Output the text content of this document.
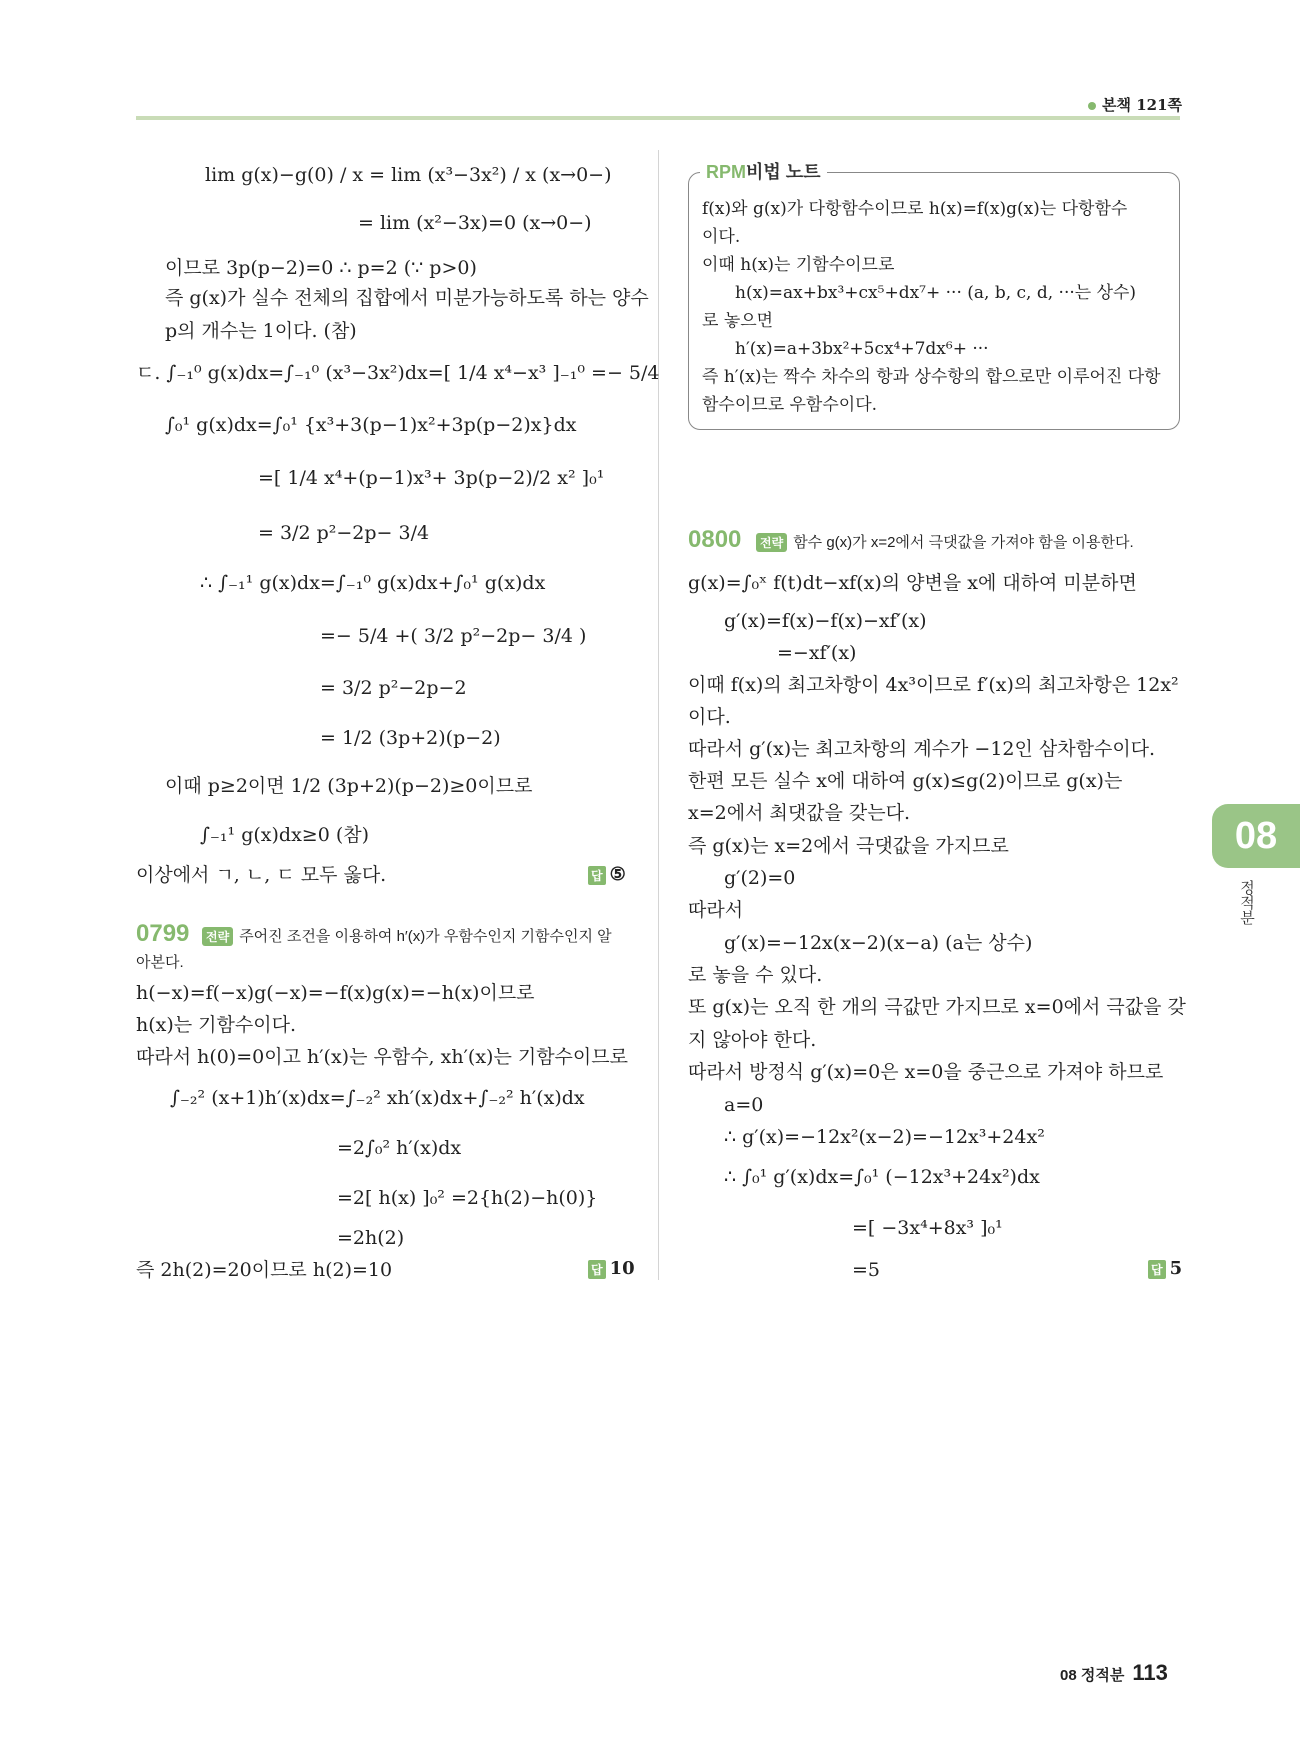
본책 121쪽
lim g(x)−g(0) / x = lim (x³−3x²) / x (x→0−)
= lim (x²−3x)=0 (x→0−)
이므로 3p(p−2)=0 ∴ p=2 (∵ p>0)
즉 g(x)가 실수 전체의 집합에서 미분가능하도록 하는 양수
p의 개수는 1이다. (참)
ㄷ. ∫₋₁⁰ g(x)dx=∫₋₁⁰ (x³−3x²)dx=[ 1/4 x⁴−x³ ]₋₁⁰ =− 5/4
∫₀¹ g(x)dx=∫₀¹ {x³+3(p−1)x²+3p(p−2)x}dx
=[ 1/4 x⁴+(p−1)x³+ 3p(p−2)/2 x² ]₀¹
= 3/2 p²−2p− 3/4
∴ ∫₋₁¹ g(x)dx=∫₋₁⁰ g(x)dx+∫₀¹ g(x)dx
=− 5/4 +( 3/2 p²−2p− 3/4 )
= 3/2 p²−2p−2
= 1/2 (3p+2)(p−2)
이때 p≥2이면 1/2 (3p+2)(p−2)≥0이므로
∫₋₁¹ g(x)dx≥0 (참)
이상에서 ㄱ, ㄴ, ㄷ 모두 옳다.	답 ⑤
0799	전략 주어진 조건을 이용하여 h′(x)가 우함수인지 기함수인지 알
아본다.
h(−x)=f(−x)g(−x)=−f(x)g(x)=−h(x)이므로
h(x)는 기함수이다.
따라서 h(0)=0이고 h′(x)는 우함수, xh′(x)는 기함수이므로
∫₋₂² (x+1)h′(x)dx=∫₋₂² xh′(x)dx+∫₋₂² h′(x)dx
=2∫₀² h′(x)dx
=2[ h(x) ]₀² =2{h(2)−h(0)}
=2h(2)
즉 2h(2)=20이므로 h(2)=10	답 10
RPM비법 노트
f(x)와 g(x)가 다항함수이므로 h(x)=f(x)g(x)는 다항함수
이다.
이때 h(x)는 기함수이므로
h(x)=ax+bx³+cx⁵+dx⁷+ ··· (a, b, c, d, ···는 상수)
로 놓으면
h′(x)=a+3bx²+5cx⁴+7dx⁶+ ···
즉 h′(x)는 짝수 차수의 항과 상수항의 합으로만 이루어진 다항
함수이므로 우함수이다.
0800	전략 함수 g(x)가 x=2에서 극댓값을 가져야 함을 이용한다.
g(x)=∫₀ˣ f(t)dt−xf(x)의 양변을 x에 대하여 미분하면
g′(x)=f(x)−f(x)−xf′(x)
=−xf′(x)
이때 f(x)의 최고차항이 4x³이므로 f′(x)의 최고차항은 12x²
이다.
따라서 g′(x)는 최고차항의 계수가 −12인 삼차함수이다.
한편 모든 실수 x에 대하여 g(x)≤g(2)이므로 g(x)는
x=2에서 최댓값을 갖는다.
즉 g(x)는 x=2에서 극댓값을 가지므로
g′(2)=0
따라서
g′(x)=−12x(x−2)(x−a) (a는 상수)
로 놓을 수 있다.
또 g(x)는 오직 한 개의 극값만 가지므로 x=0에서 극값을 갖
지 않아야 한다.
따라서 방정식 g′(x)=0은 x=0을 중근으로 가져야 하므로
a=0
∴ g′(x)=−12x²(x−2)=−12x³+24x²
∴ ∫₀¹ g′(x)dx=∫₀¹ (−12x³+24x²)dx
=[ −3x⁴+8x³ ]₀¹
=5	답 5
08
정적분
08 정적분 113
